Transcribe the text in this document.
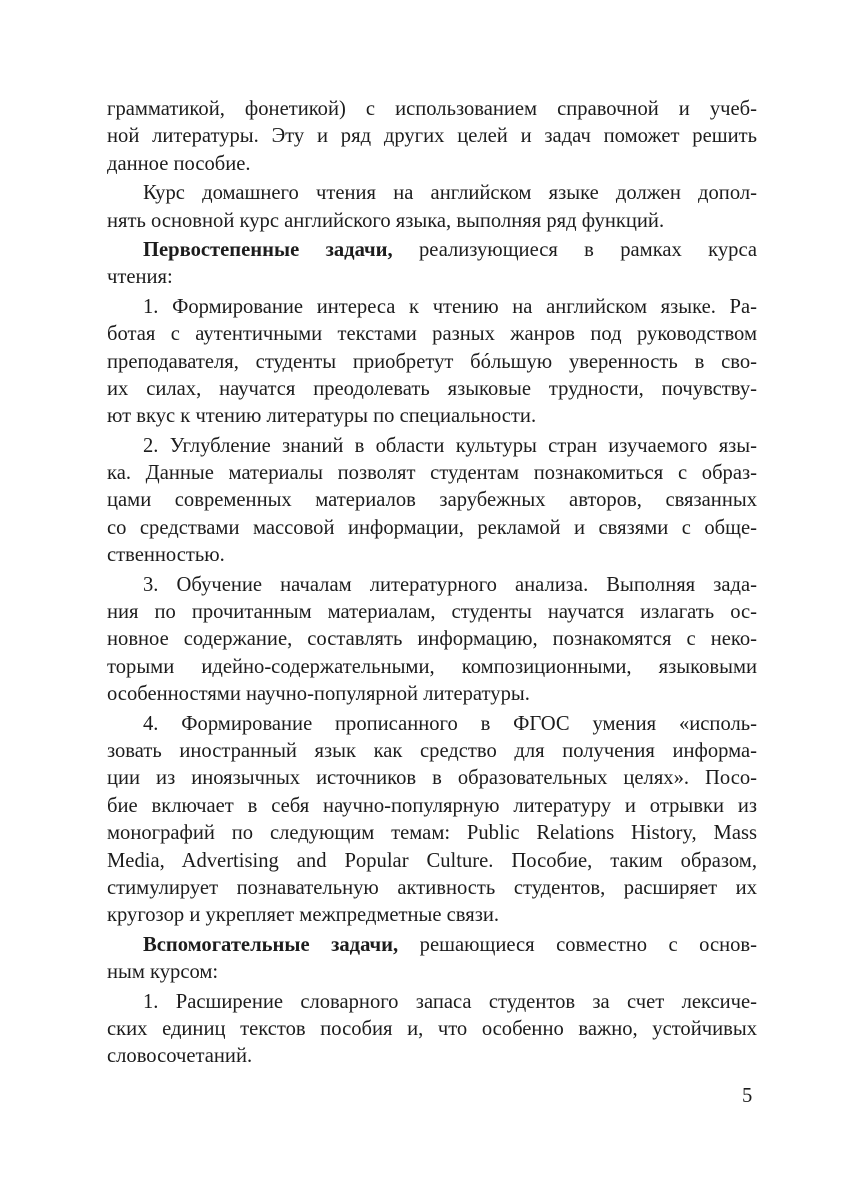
грамматикой, фонетикой) с использованием справочной и учеб-
ной литературы. Эту и ряд других целей и задач поможет решить
данное пособие.
Курс домашнего чтения на английском языке должен допол-
нять основной курс английского языка, выполняя ряд функций.
Первостепенные задачи, реализующиеся в рамках курса
чтения:
1. Формирование интереса к чтению на английском языке. Ра-
ботая с аутентичными текстами разных жанров под руководством
преподавателя, студенты приобретут бóльшую уверенность в сво-
их силах, научатся преодолевать языковые трудности, почувству-
ют вкус к чтению литературы по специальности.
2. Углубление знаний в области культуры стран изучаемого язы-
ка. Данные материалы позволят студентам познакомиться с образ-
цами современных материалов зарубежных авторов, связанных
со средствами массовой информации, рекламой и связями с обще-
ственностью.
3. Обучение началам литературного анализа. Выполняя зада-
ния по прочитанным материалам, студенты научатся излагать ос-
новное содержание, составлять информацию, познакомятся с неко-
торыми идейно-содержательными, композиционными, языковыми
особенностями научно-популярной литературы.
4. Формирование прописанного в ФГОС умения «исполь-
зовать иностранный язык как средство для получения информа-
ции из иноязычных источников в образовательных целях». Посо-
бие включает в себя научно-популярную литературу и отрывки из
монографий по следующим темам: Public Relations History, Mass
Media, Advertising and Popular Culture. Пособие, таким образом,
стимулирует познавательную активность студентов, расширяет их
кругозор и укрепляет межпредметные связи.
Вспомогательные задачи, решающиеся совместно с основ-
ным курсом:
1. Расширение словарного запаса студентов за счет лексиче-
ских единиц текстов пособия и, что особенно важно, устойчивых
словосочетаний.
5
